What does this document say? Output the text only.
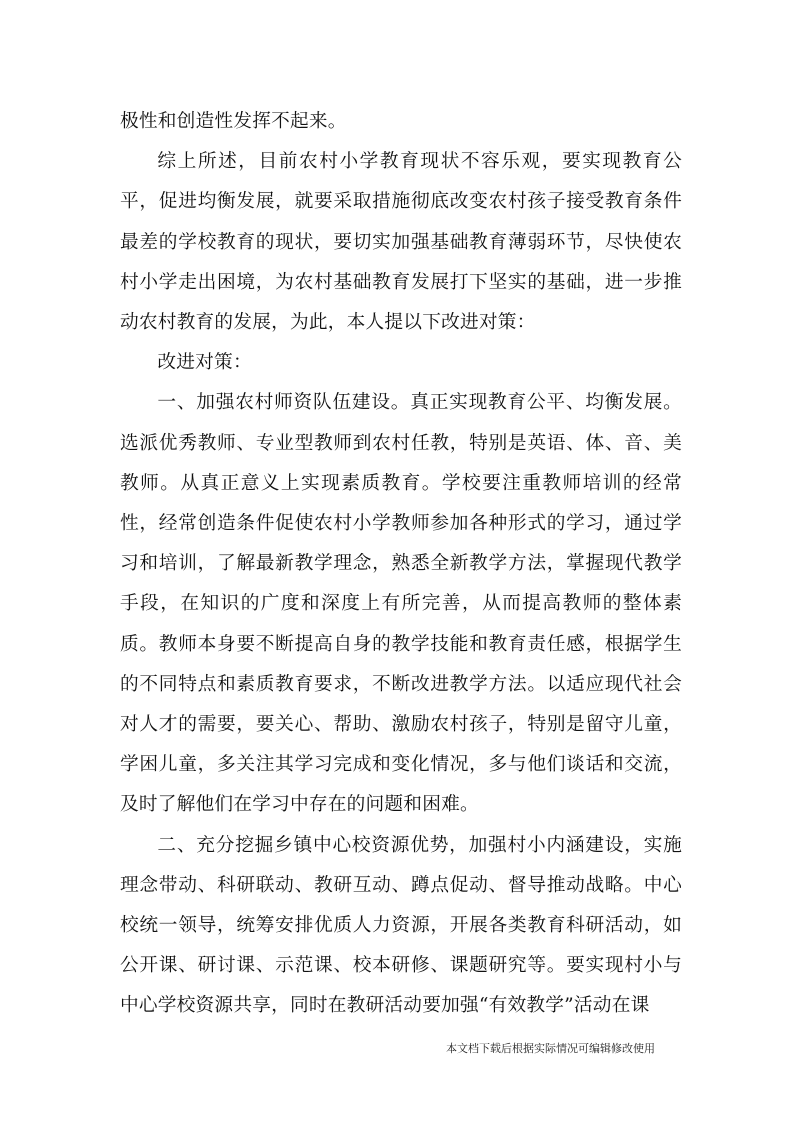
极性和创造性发挥不起来。

综上所述，目前农村小学教育现状不容乐观，要实现教育公平，促进均衡发展，就要采取措施彻底改变农村孩子接受教育条件最差的学校教育的现状，要切实加强基础教育薄弱环节，尽快使农村小学走出困境，为农村基础教育发展打下坚实的基础，进一步推动农村教育的发展，为此，本人提以下改进对策：

改进对策：

一、加强农村师资队伍建设。真正实现教育公平、均衡发展。选派优秀教师、专业型教师到农村任教，特别是英语、体、音、美教师。从真正意义上实现素质教育。学校要注重教师培训的经常性，经常创造条件促使农村小学教师参加各种形式的学习，通过学习和培训，了解最新教学理念，熟悉全新教学方法，掌握现代教学手段，在知识的广度和深度上有所完善，从而提高教师的整体素质。教师本身要不断提高自身的教学技能和教育责任感，根据学生的不同特点和素质教育要求，不断改进教学方法。以适应现代社会对人才的需要，要关心、帮助、激励农村孩子，特别是留守儿童，学困儿童，多关注其学习完成和变化情况，多与他们谈话和交流，及时了解他们在学习中存在的问题和困难。

二、充分挖掘乡镇中心校资源优势，加强村小内涵建设，实施理念带动、科研联动、教研互动、蹲点促动、督导推动战略。中心校统一领导，统筹安排优质人力资源，开展各类教育科研活动，如公开课、研讨课、示范课、校本研修、课题研究等。要实现村小与中心学校资源共享，同时在教研活动要加强“有效教学”活动在课

本文档下载后根据实际情况可编辑修改使用
